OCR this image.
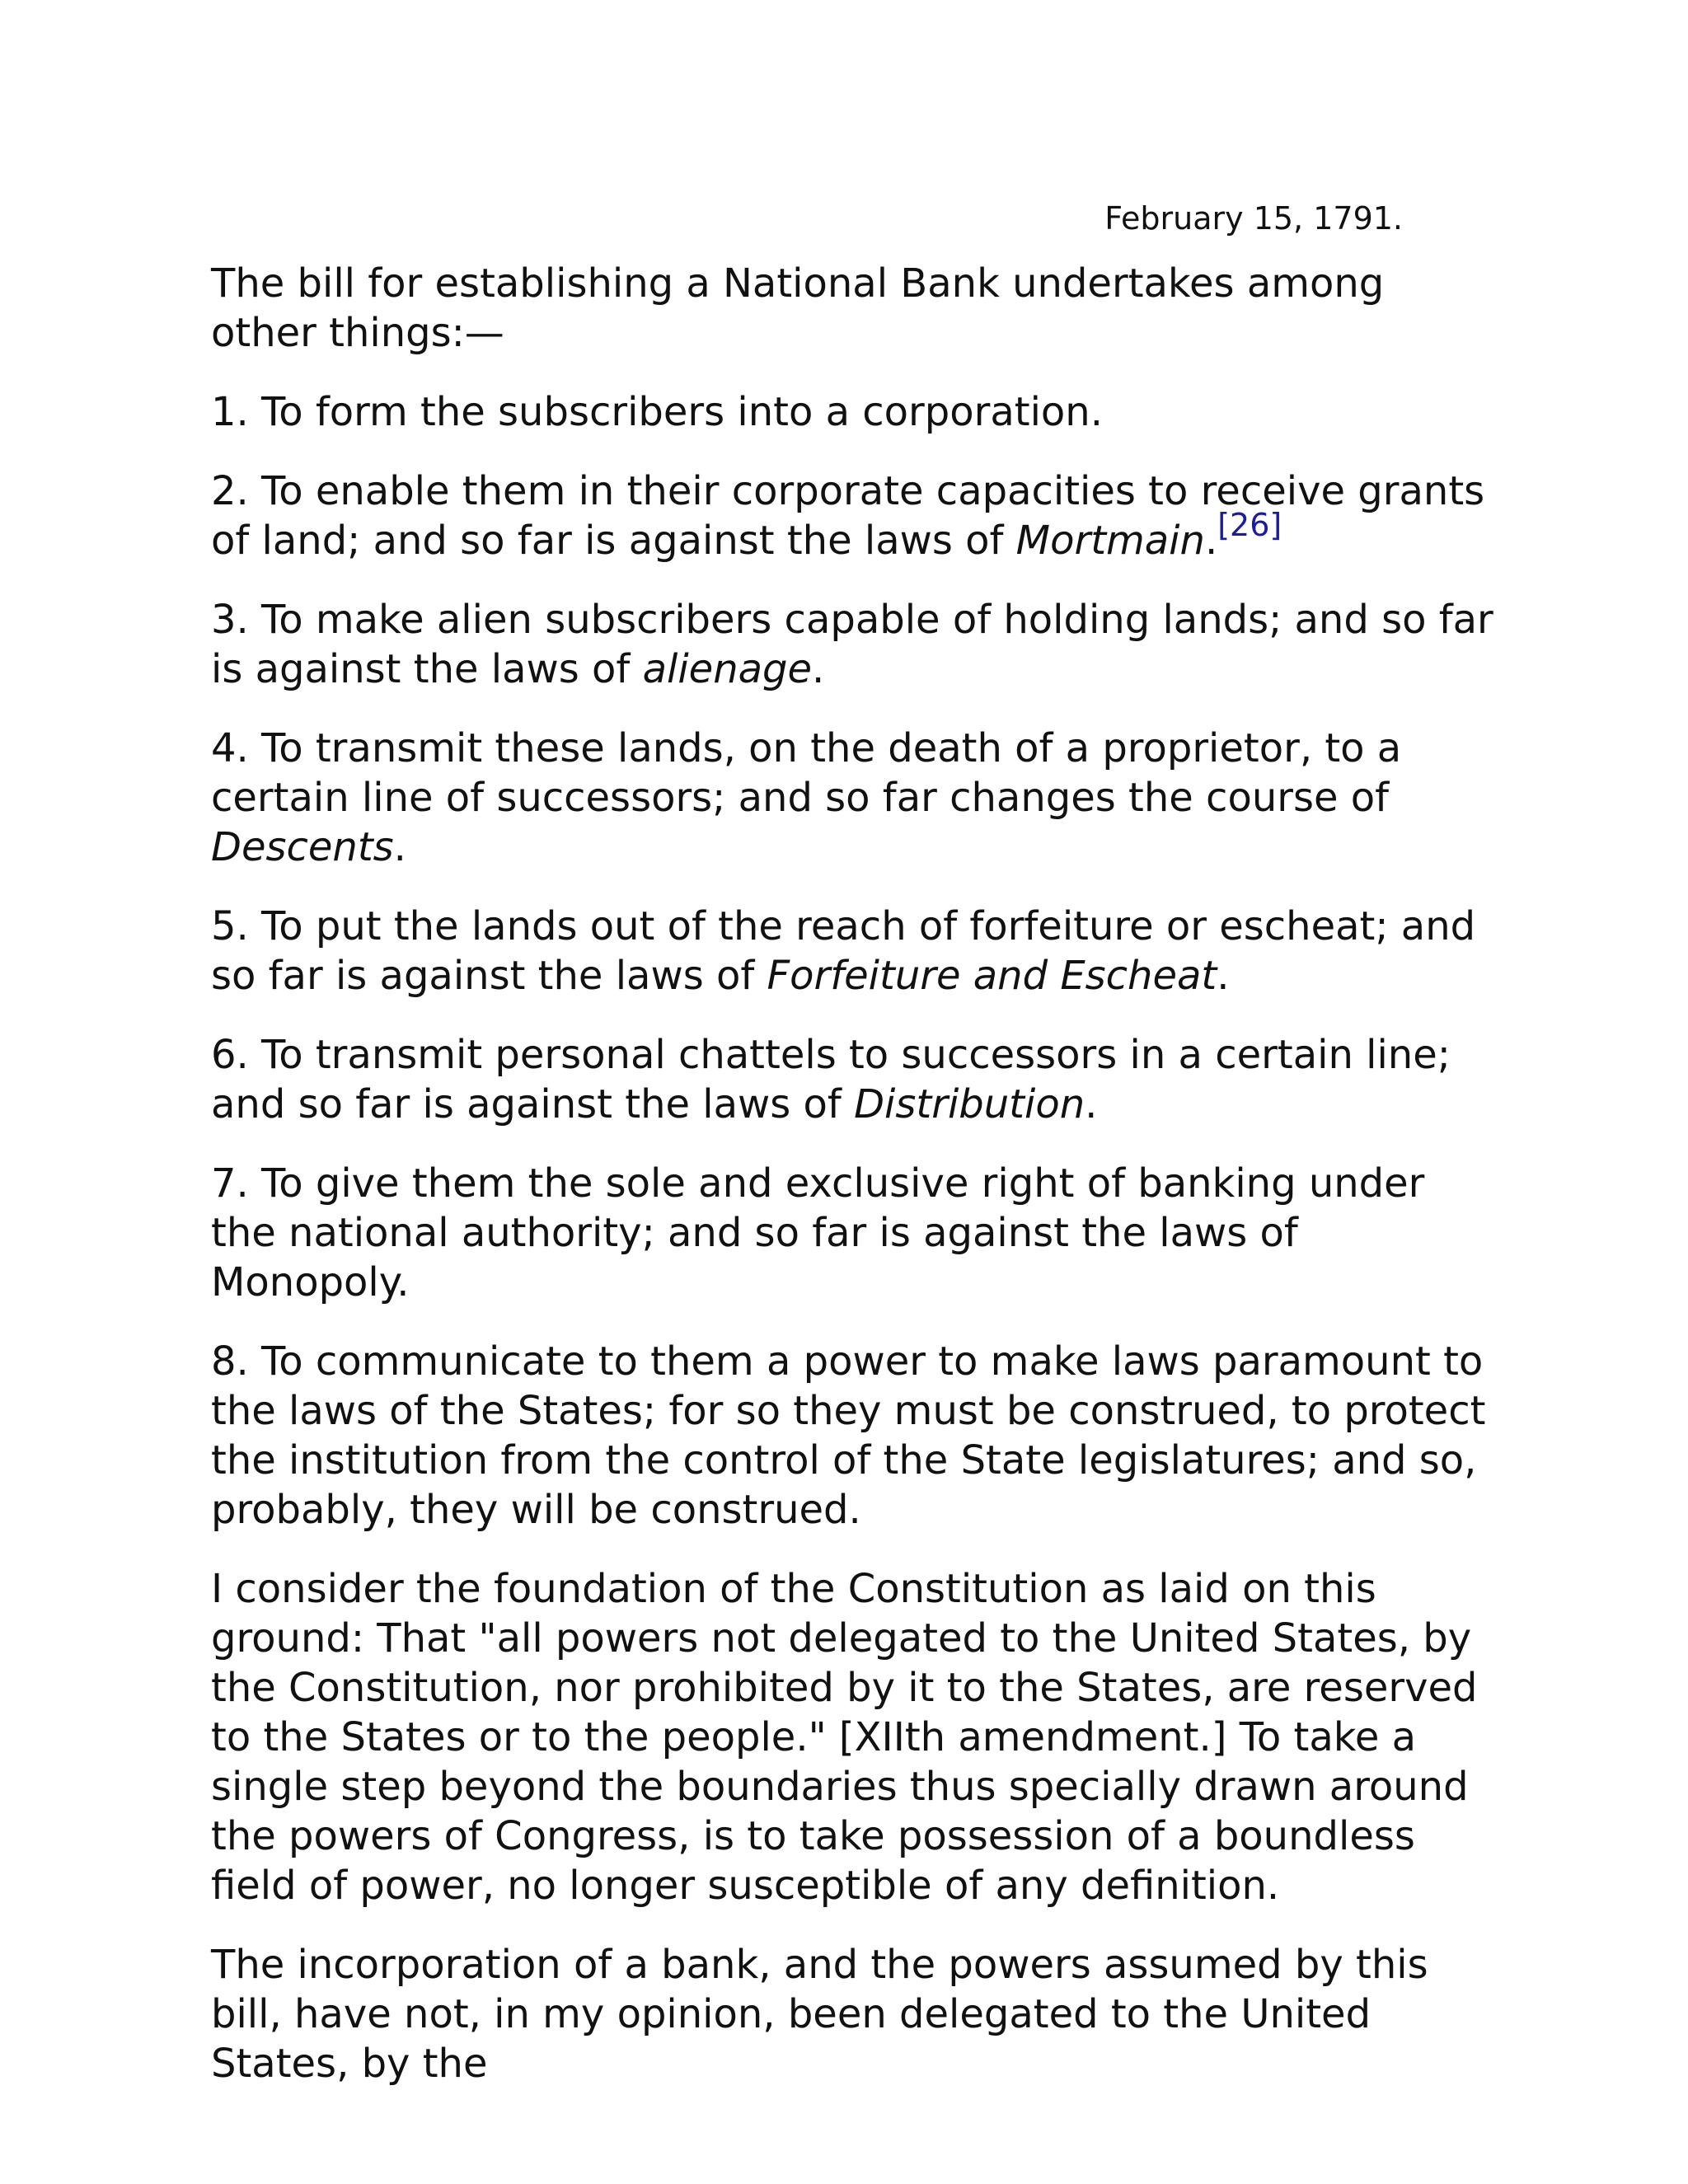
February 15, 1791.

The bill for establishing a National Bank undertakes among other things:—

1. To form the subscribers into a corporation.

2. To enable them in their corporate capacities to receive grants of land; and so far is against the laws of Mortmain.[26]

3. To make alien subscribers capable of holding lands; and so far is against the laws of alienage.

4. To transmit these lands, on the death of a proprietor, to a certain line of successors; and so far changes the course of Descents.

5. To put the lands out of the reach of forfeiture or escheat; and so far is against the laws of Forfeiture and Escheat.

6. To transmit personal chattels to successors in a certain line; and so far is against the laws of Distribution.

7. To give them the sole and exclusive right of banking under the national authority; and so far is against the laws of Monopoly.

8. To communicate to them a power to make laws paramount to the laws of the States; for so they must be construed, to protect the institution from the control of the State legislatures; and so, probably, they will be construed.

I consider the foundation of the Constitution as laid on this ground: That "all powers not delegated to the United States, by the Constitution, nor prohibited by it to the States, are reserved to the States or to the people." [XIIth amendment.] To take a single step beyond the boundaries thus specially drawn around the powers of Congress, is to take possession of a boundless field of power, no longer susceptible of any definition.

The incorporation of a bank, and the powers assumed by this bill, have not, in my opinion, been delegated to the United States, by the
